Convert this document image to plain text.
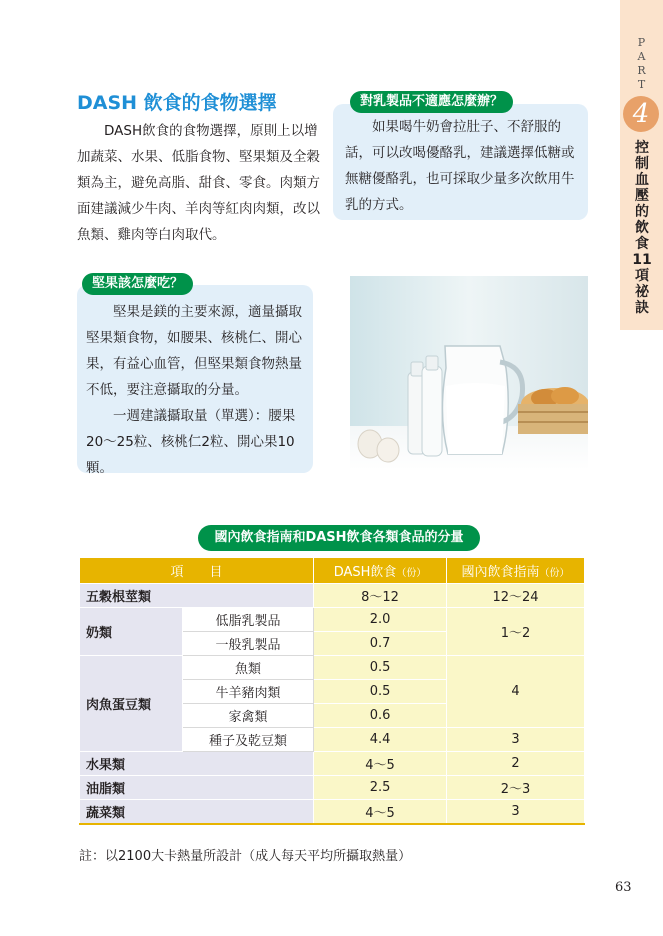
P
A
R
T
4
控制血壓的飲食11項祕訣
DASH 飲食的食物選擇

DASH飲食的食物選擇，原則上以增加蔬菜、水果、低脂食物、堅果類及全穀類為主，避免高脂、甜食、零食。肉類方面建議減少牛肉、羊肉等紅肉肉類，改以魚類、雞肉等白肉取代。

如果喝牛奶會拉肚子、不舒服的話，可以改喝優酪乳，建議選擇低糖或無糖優酪乳，也可採取少量多次飲用牛乳的方式。

對乳製品不適應怎麼辦？

堅果是鎂的主要來源，適量攝取堅果類食物，如腰果、核桃仁、開心果，有益心血管，但堅果類食物熱量不低，要注意攝取的分量。

一週建議攝取量（單選）：腰果20～25粒、核桃仁2粒、開心果10顆。

堅果該怎麼吃？
國內飲食指南和DASH飲食各類食品的分量
項　　目		DASH飲食（份）	國內飲食指南（份）
五穀根莖類		8～12	12～24
奶類	低脂乳製品	2.0	1～2
	一般乳製品	0.7	
肉魚蛋豆類	魚類	0.5	4
	牛羊豬肉類	0.5	
	家禽類	0.6	
	種子及乾豆類	4.4	3
水果類		4～5	2
油脂類		2.5	2～3
蔬菜類		4～5	3
註：以2100大卡熱量所設計（成人每天平均所攝取熱量）
63
